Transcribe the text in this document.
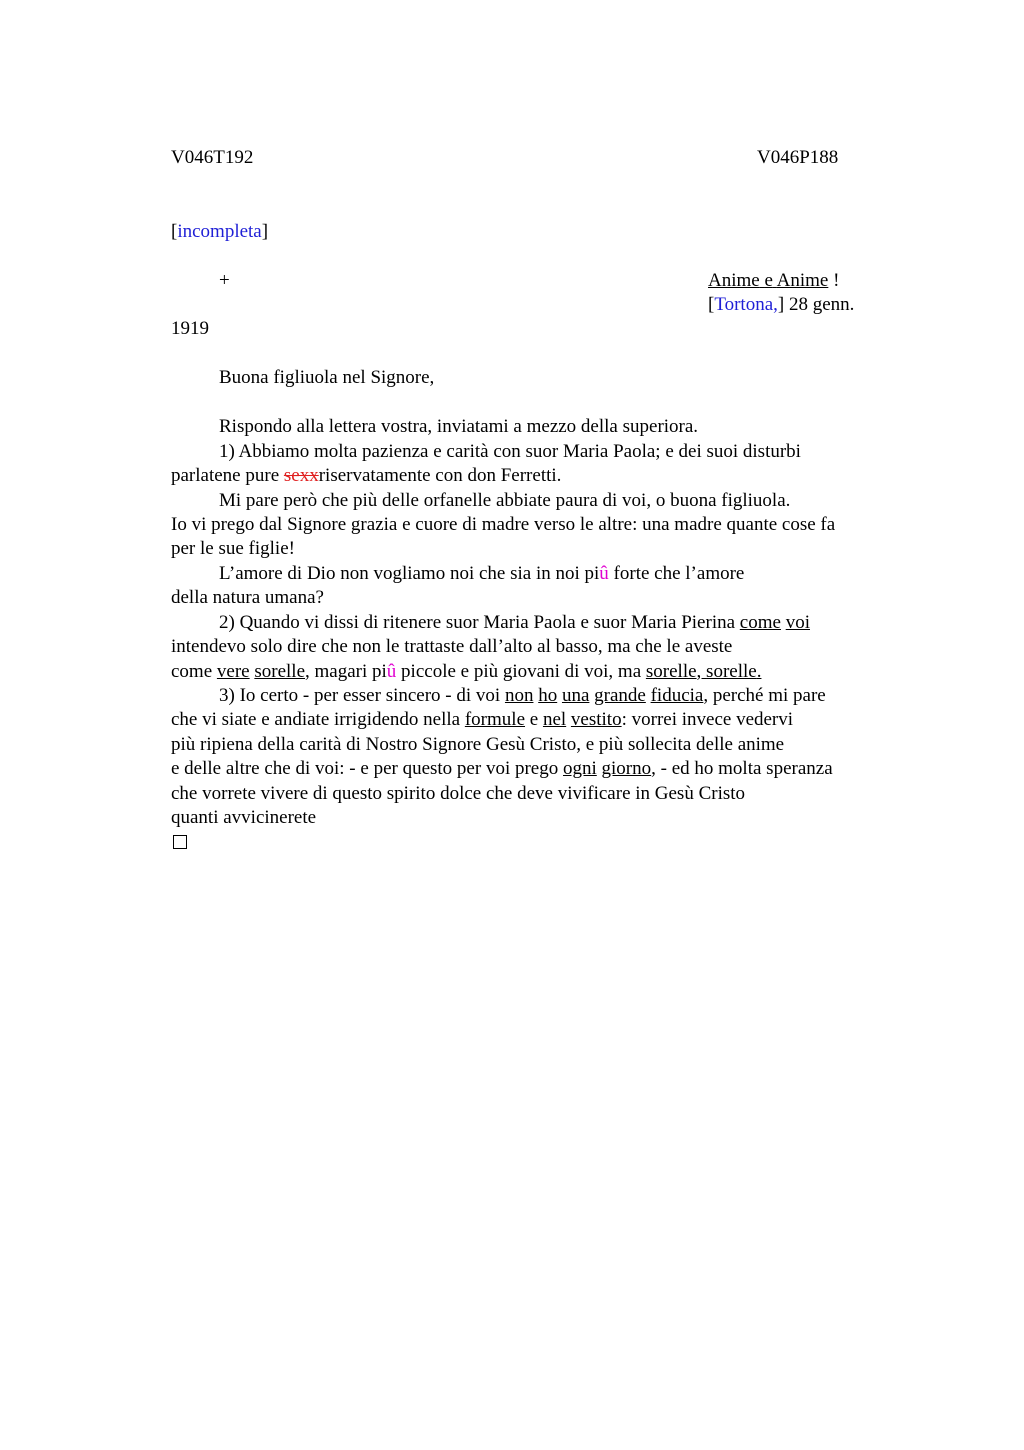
V046T192	V046P188
[incompleta]
+	Anime e Anime !
[Tortona,] 28 genn.
1919
Buona figliuola nel Signore,
Rispondo alla lettera vostra, inviatami a mezzo della superiora.
1) Abbiamo molta pazienza e carità con suor Maria Paola; e dei suoi disturbi
parlatene pure sexxriservatamente con don Ferretti.
Mi pare però che più delle orfanelle abbiate paura di voi, o buona figliuola.
Io vi prego dal Signore grazia e cuore di madre verso le altre: una madre quante cose fa
per le sue figlie!
L’amore di Dio non vogliamo noi che sia in noi piû forte che l’amore
della natura umana?
2) Quando vi dissi di ritenere suor Maria Paola e suor Maria Pierina come voi
intendevo solo dire che non le trattaste dall’alto al basso, ma che le aveste
come vere sorelle, magari piû piccole e più giovani di voi, ma sorelle, sorelle.
3) Io certo - per esser sincero - di voi non ho una grande fiducia, perché mi pare
che vi siate e andiate irrigidendo nella formule e nel vestito: vorrei invece vedervi
più ripiena della carità di Nostro Signore Gesù Cristo, e più sollecita delle anime
e delle altre che di voi: - e per questo per voi prego ogni giorno, - ed ho molta speranza
che vorrete vivere di questo spirito dolce che deve vivificare in Gesù Cristo
quanti avvicinerete
